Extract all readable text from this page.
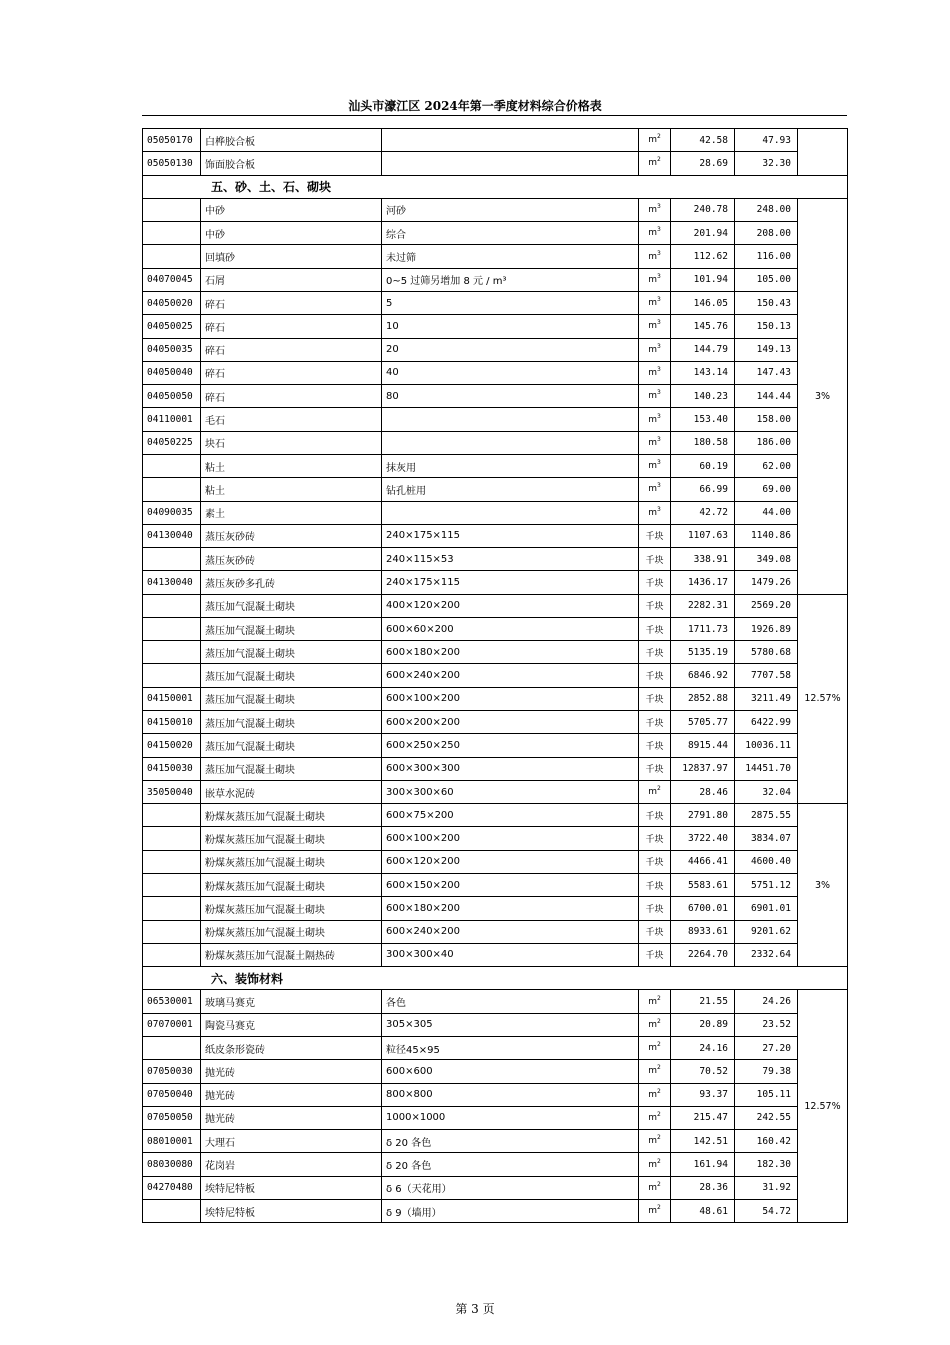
汕头市濠江区 2024年第一季度材料综合价格表
05050170	白桦胶合板		$m^2$	42.58	47.93	
05050130	饰面胶合板		$m^2$	28.69	32.30	
五、砂、土、石、砌块						
	中砂	河砂	$m^3$	240.78	248.00	3%
	中砂	综合	$m^3$	201.94	208.00	
	回填砂	未过筛	$m^3$	112.62	116.00	
04070045	石屑	0~5 过筛另增加 8 元 / m³	$m^3$	101.94	105.00	
04050020	碎石	5	$m^3$	146.05	150.43	
04050025	碎石	10	$m^3$	145.76	150.13	
04050035	碎石	20	$m^3$	144.79	149.13	
04050040	碎石	40	$m^3$	143.14	147.43	
04050050	碎石	80	$m^3$	140.23	144.44	
04110001	毛石		$m^3$	153.40	158.00	
04050225	块石		$m^3$	180.58	186.00	
	粘土	抹灰用	$m^3$	60.19	62.00	
	粘土	钻孔桩用	$m^3$	66.99	69.00	
04090035	素土		$m^3$	42.72	44.00	
04130040	蒸压灰砂砖	240×175×115	千块	1107.63	1140.86	
	蒸压灰砂砖	240×115×53	千块	338.91	349.08	
04130040	蒸压灰砂多孔砖	240×175×115	千块	1436.17	1479.26	
	蒸压加气混凝土砌块	400×120×200	千块	2282.31	2569.20	12.57%
	蒸压加气混凝土砌块	600×60×200	千块	1711.73	1926.89	
	蒸压加气混凝土砌块	600×180×200	千块	5135.19	5780.68	
	蒸压加气混凝土砌块	600×240×200	千块	6846.92	7707.58	
04150001	蒸压加气混凝土砌块	600×100×200	千块	2852.88	3211.49	
04150010	蒸压加气混凝土砌块	600×200×200	千块	5705.77	6422.99	
04150020	蒸压加气混凝土砌块	600×250×250	千块	8915.44	10036.11	
04150030	蒸压加气混凝土砌块	600×300×300	千块	12837.97	14451.70	
35050040	嵌草水泥砖	300×300×60	$m^2$	28.46	32.04	
	粉煤灰蒸压加气混凝土砌块	600×75×200	千块	2791.80	2875.55	3%
	粉煤灰蒸压加气混凝土砌块	600×100×200	千块	3722.40	3834.07	
	粉煤灰蒸压加气混凝土砌块	600×120×200	千块	4466.41	4600.40	
	粉煤灰蒸压加气混凝土砌块	600×150×200	千块	5583.61	5751.12	
	粉煤灰蒸压加气混凝土砌块	600×180×200	千块	6700.01	6901.01	
	粉煤灰蒸压加气混凝土砌块	600×240×200	千块	8933.61	9201.62	
	粉煤灰蒸压加气混凝土隔热砖	300×300×40	千块	2264.70	2332.64	
六、装饰材料						
06530001	玻璃马赛克	各色	$m^2$	21.55	24.26	12.57%
07070001	陶瓷马赛克	305×305	$m^2$	20.89	23.52	
	纸皮条形瓷砖	粒径45×95	$m^2$	24.16	27.20	
07050030	抛光砖	600×600	$m^2$	70.52	79.38	
07050040	抛光砖	800×800	$m^2$	93.37	105.11	
07050050	抛光砖	1000×1000	$m^2$	215.47	242.55	
08010001	大理石	δ 20 各色	$m^2$	142.51	160.42	
08030080	花岗岩	δ 20 各色	$m^2$	161.94	182.30	
04270480	埃特尼特板	δ 6（天花用）	$m^2$	28.36	31.92	
	埃特尼特板	δ 9（墙用）	$m^2$	48.61	54.72	
第 3 页
